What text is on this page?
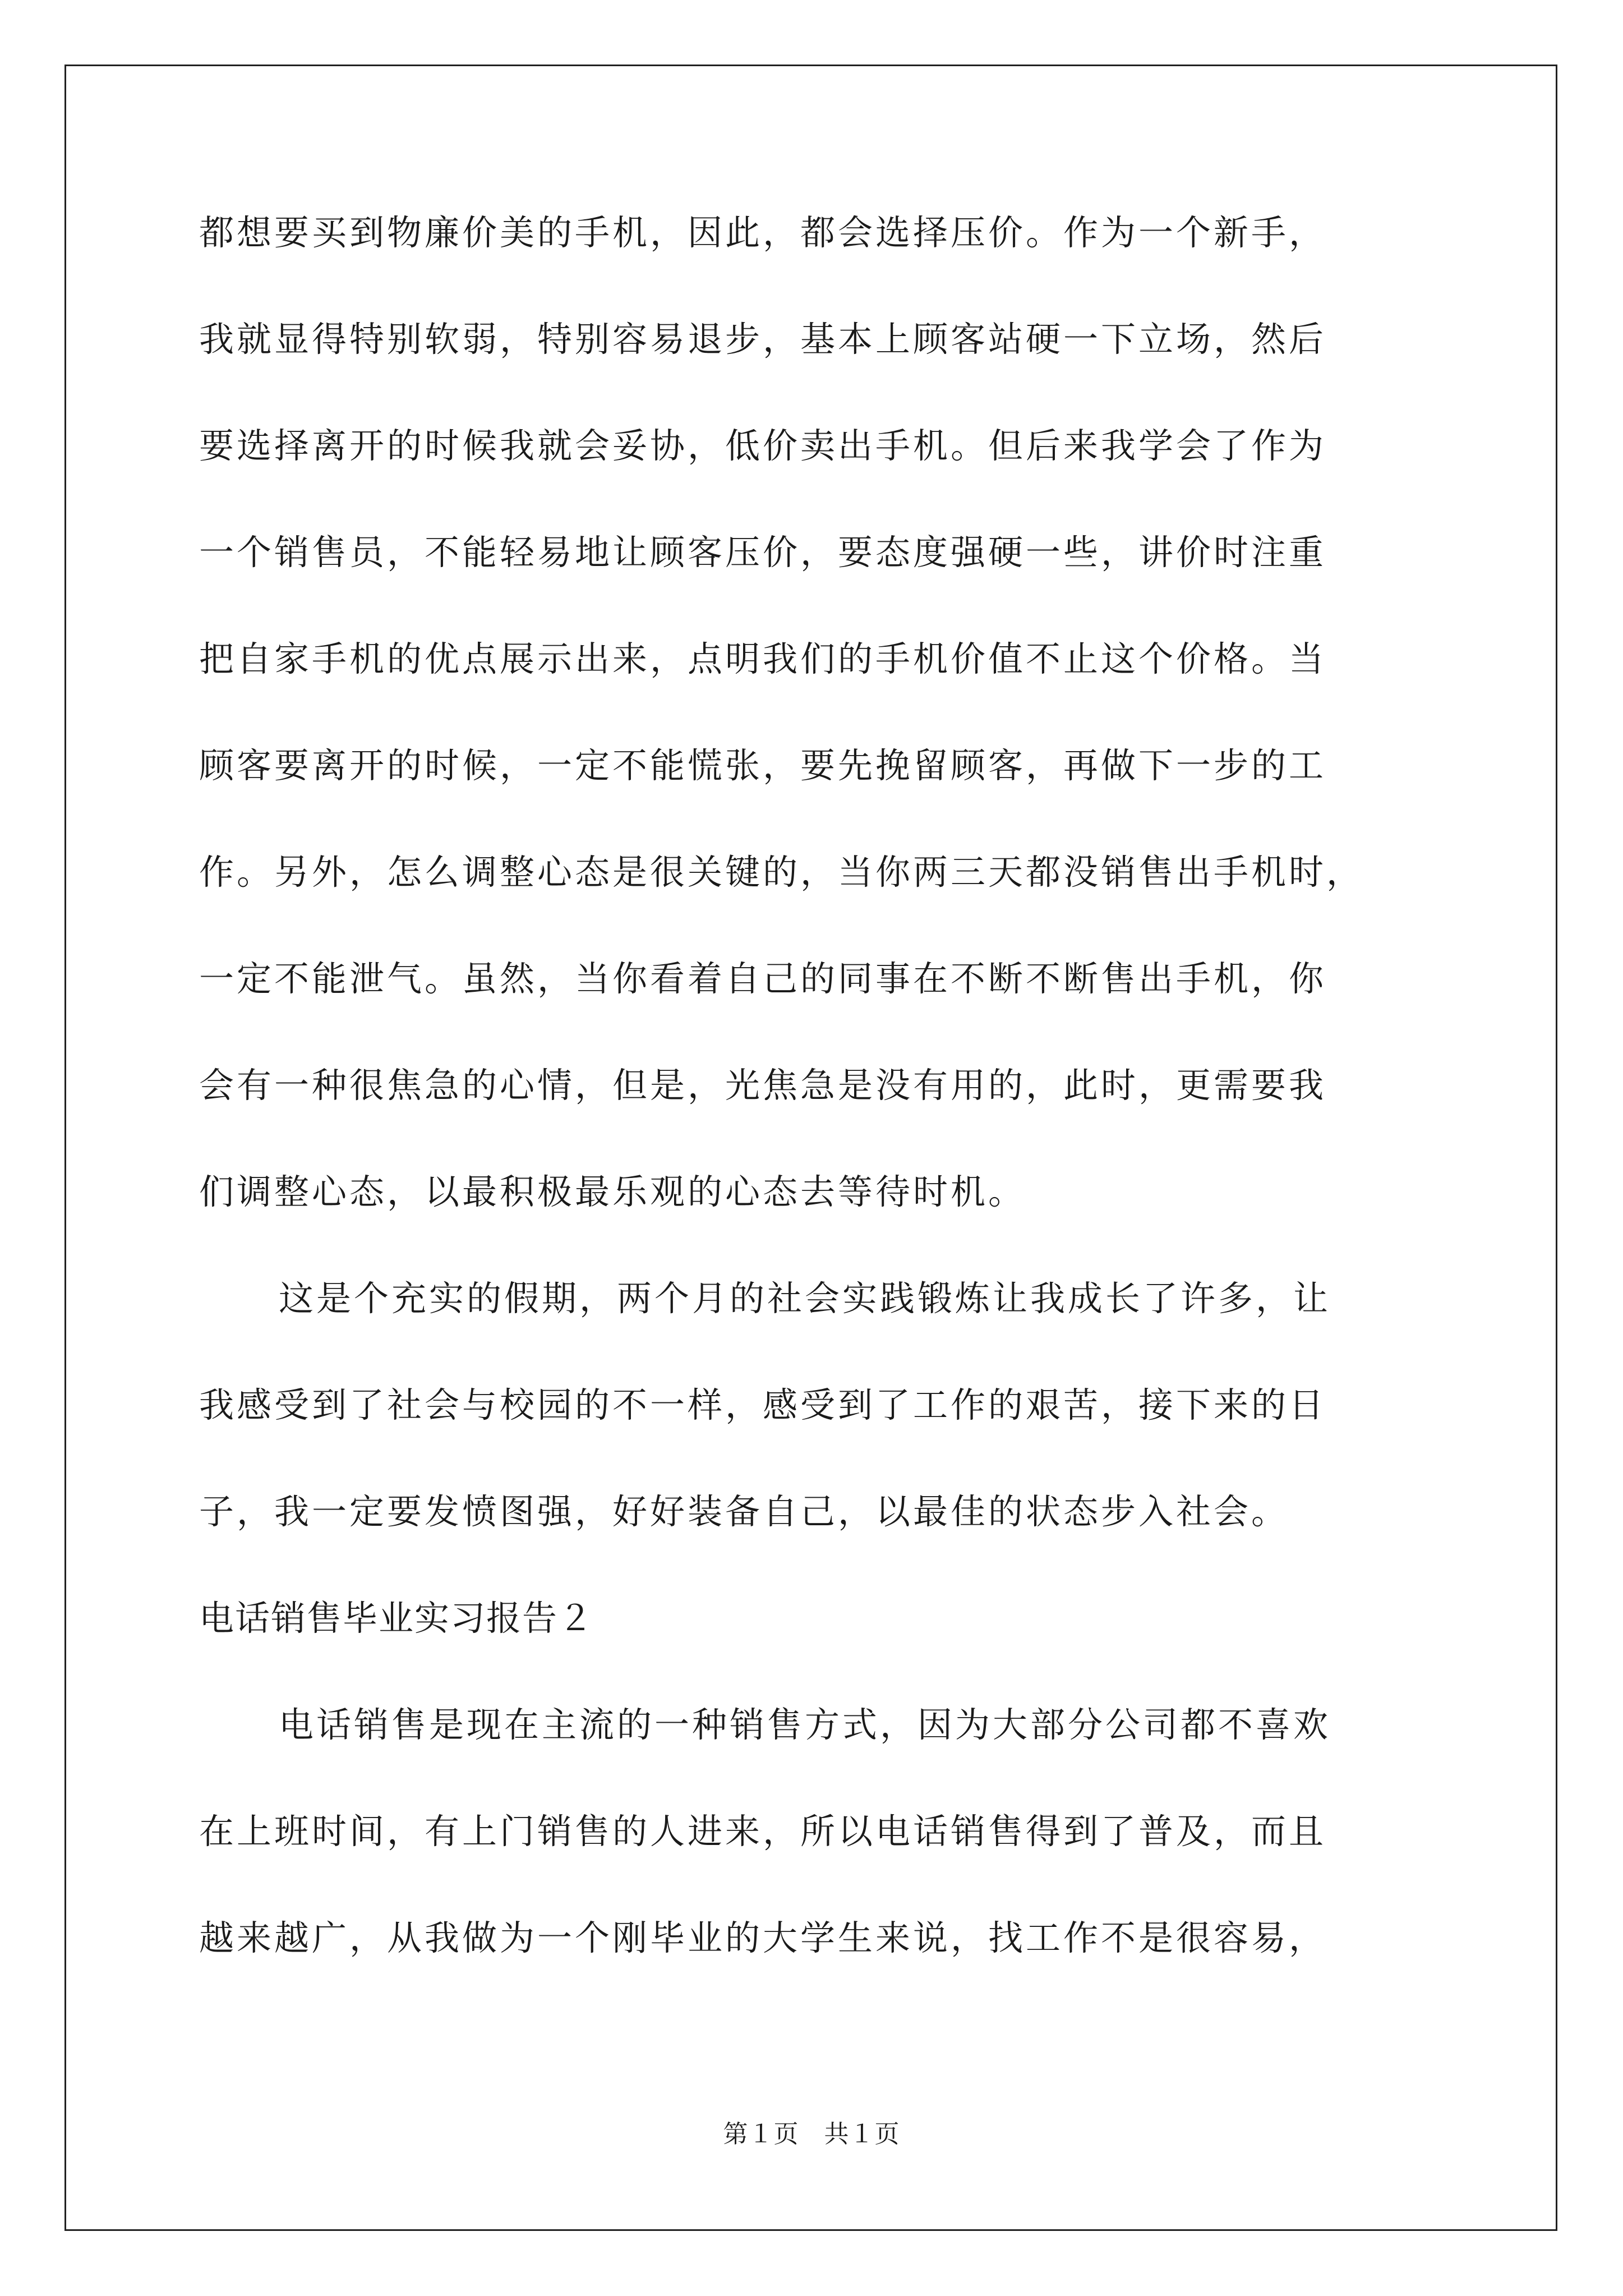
都想要买到物廉价美的手机，因此，都会选择压价。作为一个新手，
我就显得特别软弱，特别容易退步，基本上顾客站硬一下立场，然后
要选择离开的时候我就会妥协，低价卖出手机。但后来我学会了作为
一个销售员，不能轻易地让顾客压价，要态度强硬一些，讲价时注重
把自家手机的优点展示出来，点明我们的手机价值不止这个价格。当
顾客要离开的时候，一定不能慌张，要先挽留顾客，再做下一步的工
作。另外，怎么调整心态是很关键的，当你两三天都没销售出手机时，
一定不能泄气。虽然，当你看着自己的同事在不断不断售出手机，你
会有一种很焦急的心情，但是，光焦急是没有用的，此时，更需要我
们调整心态，以最积极最乐观的心态去等待时机。
这是个充实的假期，两个月的社会实践锻炼让我成长了许多，让
我感受到了社会与校园的不一样，感受到了工作的艰苦，接下来的日
子，我一定要发愤图强，好好装备自己，以最佳的状态步入社会。
电话销售毕业实习报告２
电话销售是现在主流的一种销售方式，因为大部分公司都不喜欢
在上班时间，有上门销售的人进来，所以电话销售得到了普及，而且
越来越广，从我做为一个刚毕业的大学生来说，找工作不是很容易，
第１页　共１页
